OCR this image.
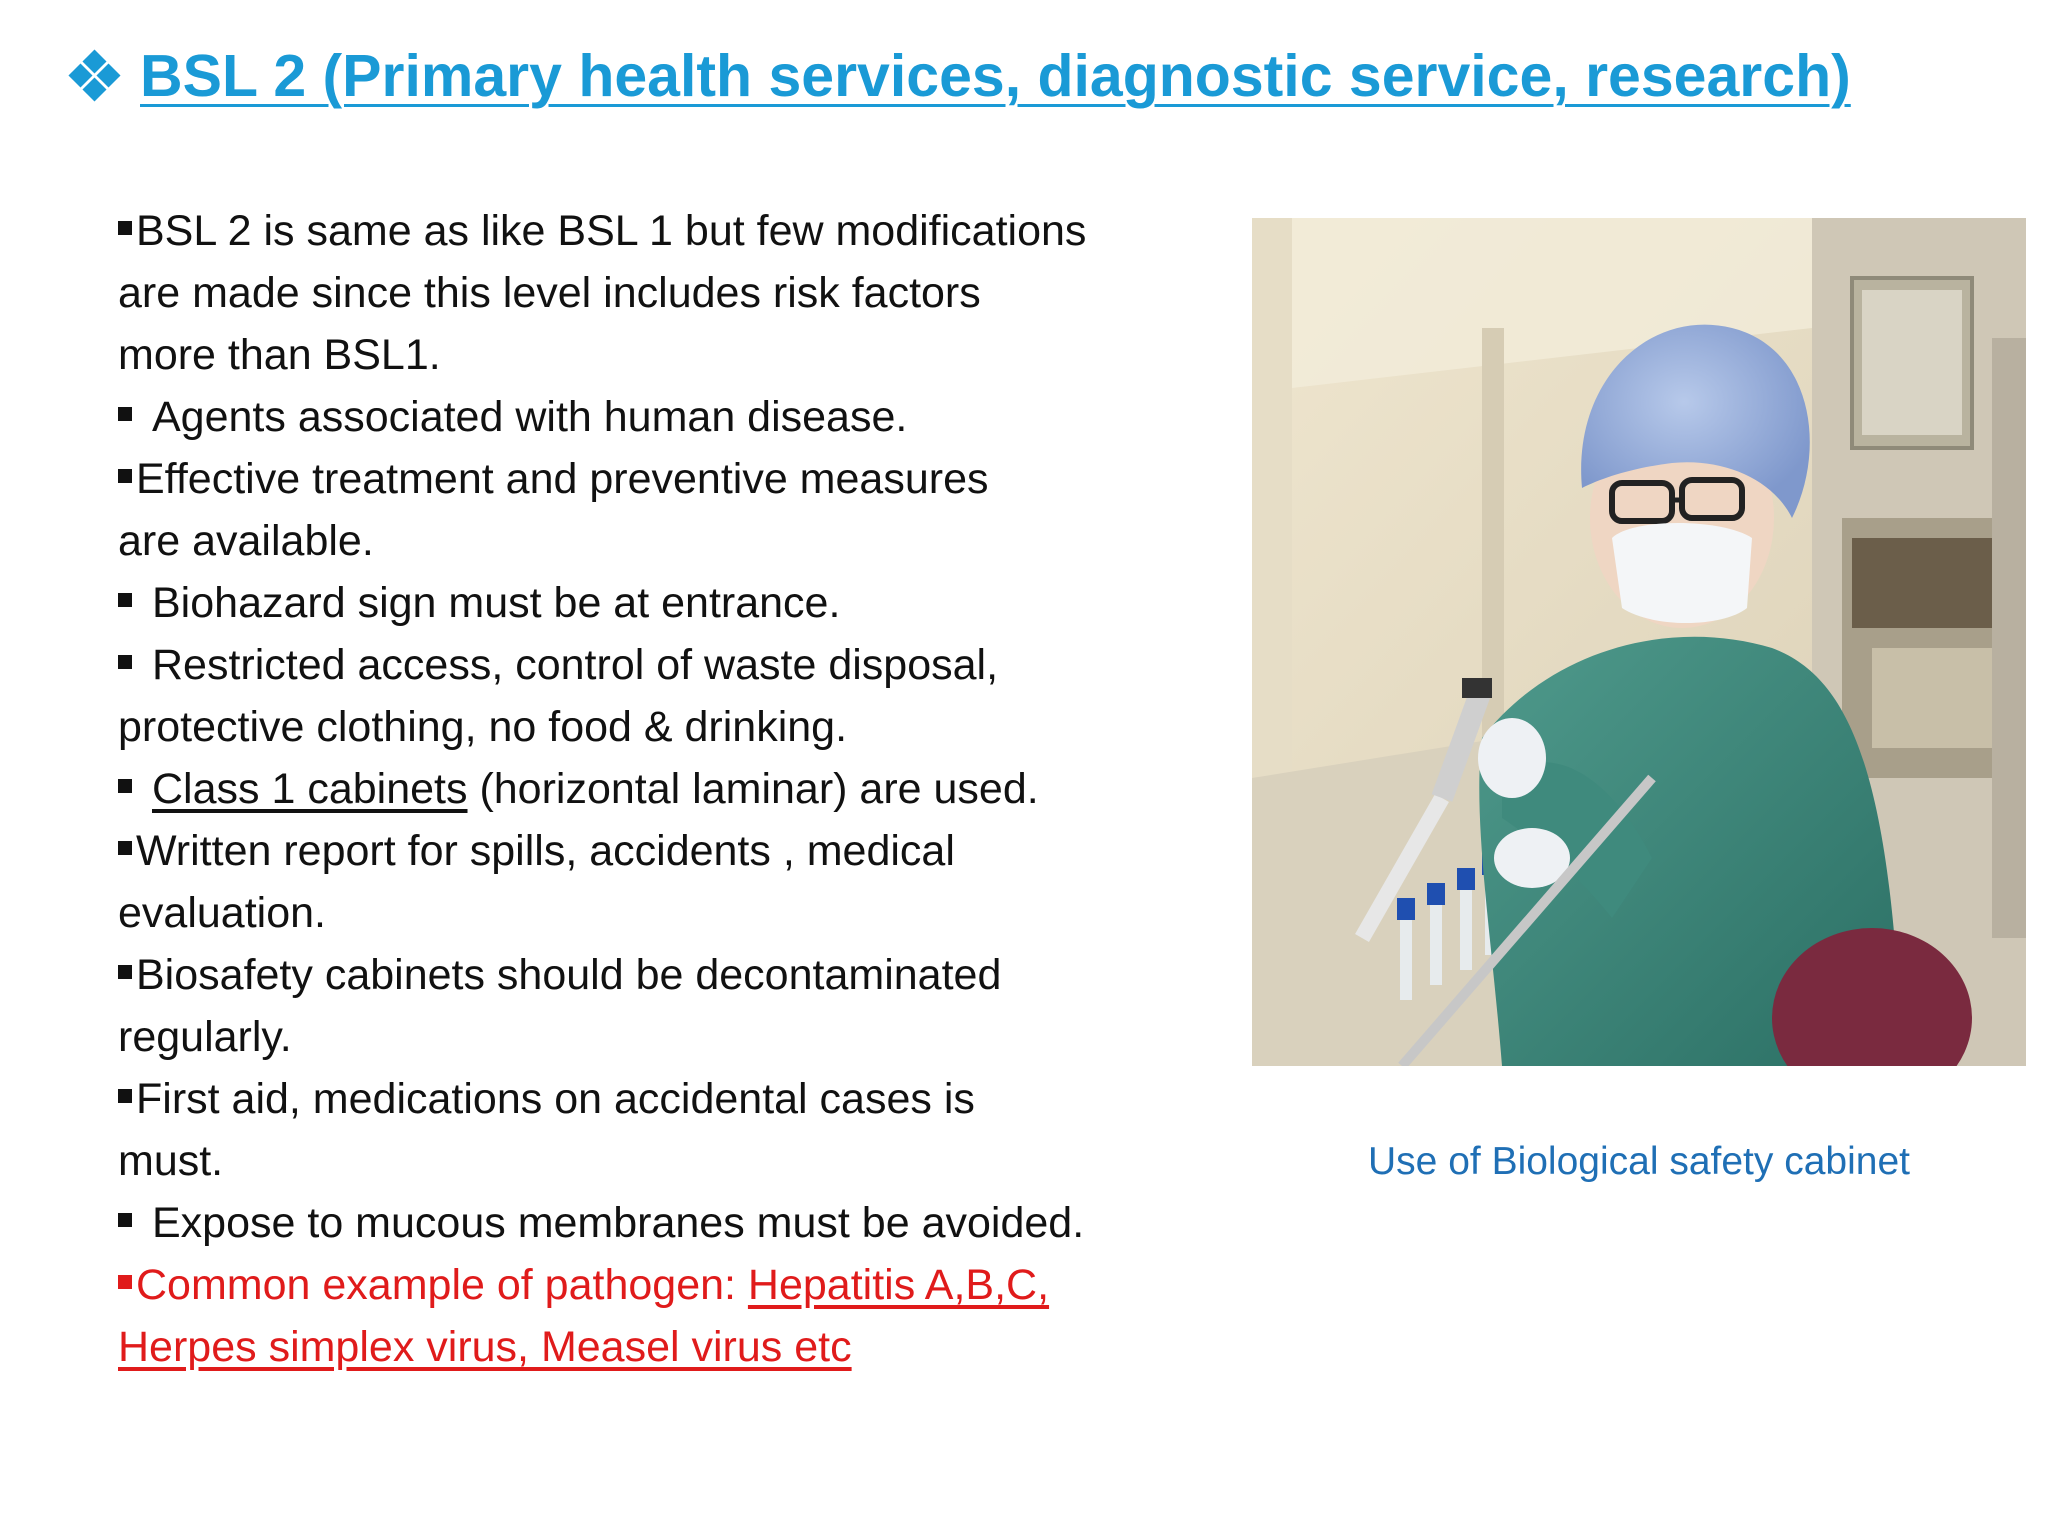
BSL 2 (Primary health services, diagnostic service, research)

BSL 2 is same as like BSL 1 but few modifications

are made since this level includes risk factors

more than BSL1.

Agents associated with human disease.

Effective treatment and preventive measures

are available.

Biohazard sign must be at entrance.

Restricted access, control of waste disposal,

protective clothing, no food & drinking.

Class 1 cabinets (horizontal laminar) are used.

Written report for spills, accidents , medical

evaluation.

Biosafety cabinets should be decontaminated

regularly.

First aid, medications on accidental cases is

must.

Expose to mucous membranes must be avoided.

Common example of pathogen: Hepatitis A,B,C,

Herpes simplex virus, Measel virus etc

Use of Biological safety cabinet
